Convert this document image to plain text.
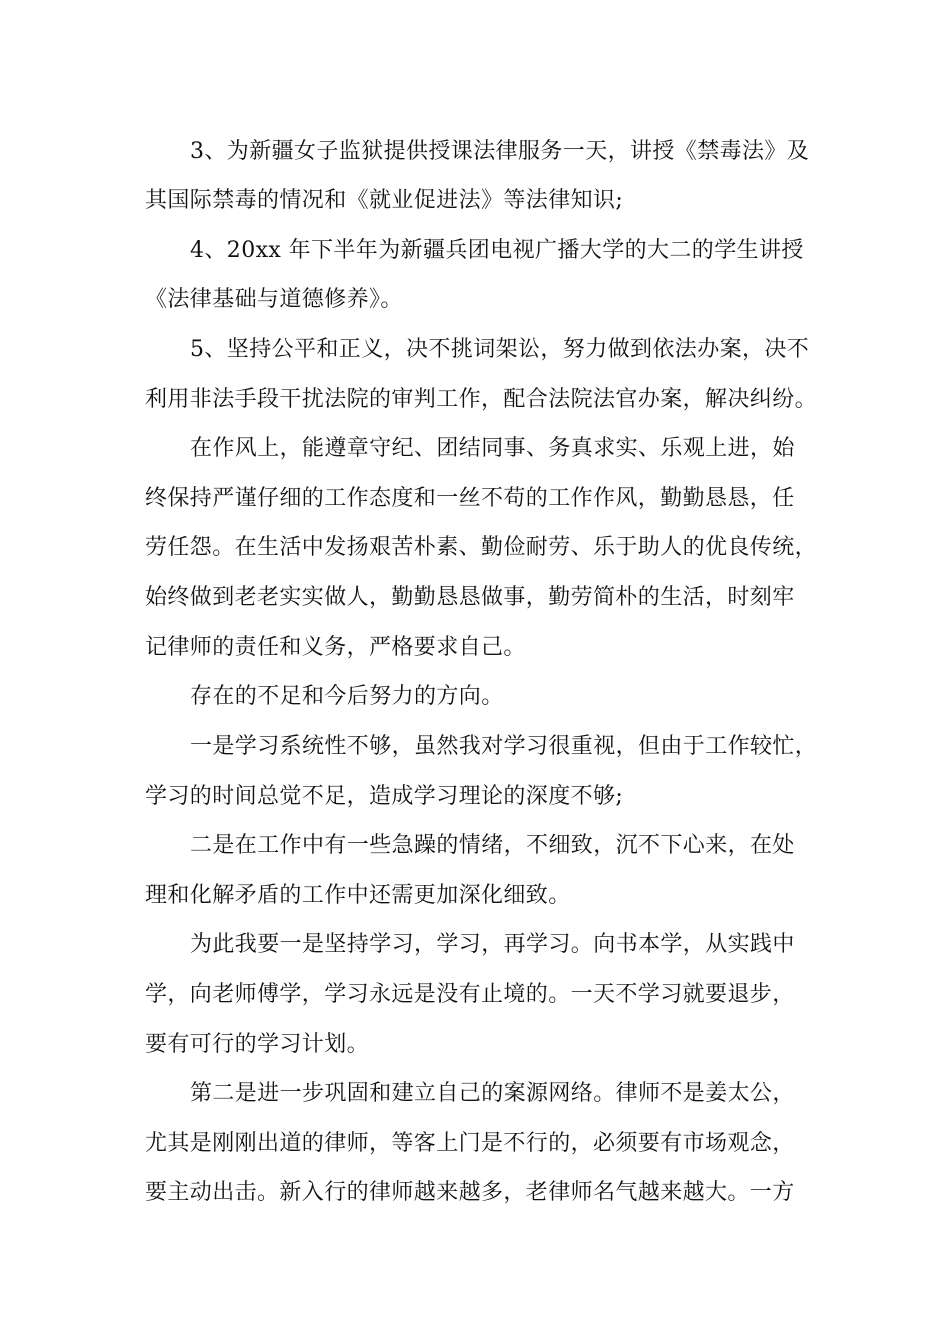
3、为新疆女子监狱提供授课法律服务一天，讲授《禁毒法》及
其国际禁毒的情况和《就业促进法》等法律知识;
4、20xx 年下半年为新疆兵团电视广播大学的大二的学生讲授
《法律基础与道德修养》。
5、坚持公平和正义，决不挑词架讼，努力做到依法办案，决不
利用非法手段干扰法院的审判工作，配合法院法官办案，解决纠纷。
在作风上，能遵章守纪、团结同事、务真求实、乐观上进，始
终保持严谨仔细的工作态度和一丝不苟的工作作风，勤勤恳恳，任
劳任怨。在生活中发扬艰苦朴素、勤俭耐劳、乐于助人的优良传统，
始终做到老老实实做人，勤勤恳恳做事，勤劳简朴的生活，时刻牢
记律师的责任和义务，严格要求自己。
存在的不足和今后努力的方向。
一是学习系统性不够，虽然我对学习很重视，但由于工作较忙，
学习的时间总觉不足，造成学习理论的深度不够;
二是在工作中有一些急躁的情绪，不细致，沉不下心来，在处
理和化解矛盾的工作中还需更加深化细致。
为此我要一是坚持学习，学习，再学习。向书本学，从实践中
学，向老师傅学，学习永远是没有止境的。一天不学习就要退步，
要有可行的学习计划。
第二是进一步巩固和建立自己的案源网络。律师不是姜太公，
尤其是刚刚出道的律师，等客上门是不行的，必须要有市场观念，
要主动出击。新入行的律师越来越多，老律师名气越来越大。一方
